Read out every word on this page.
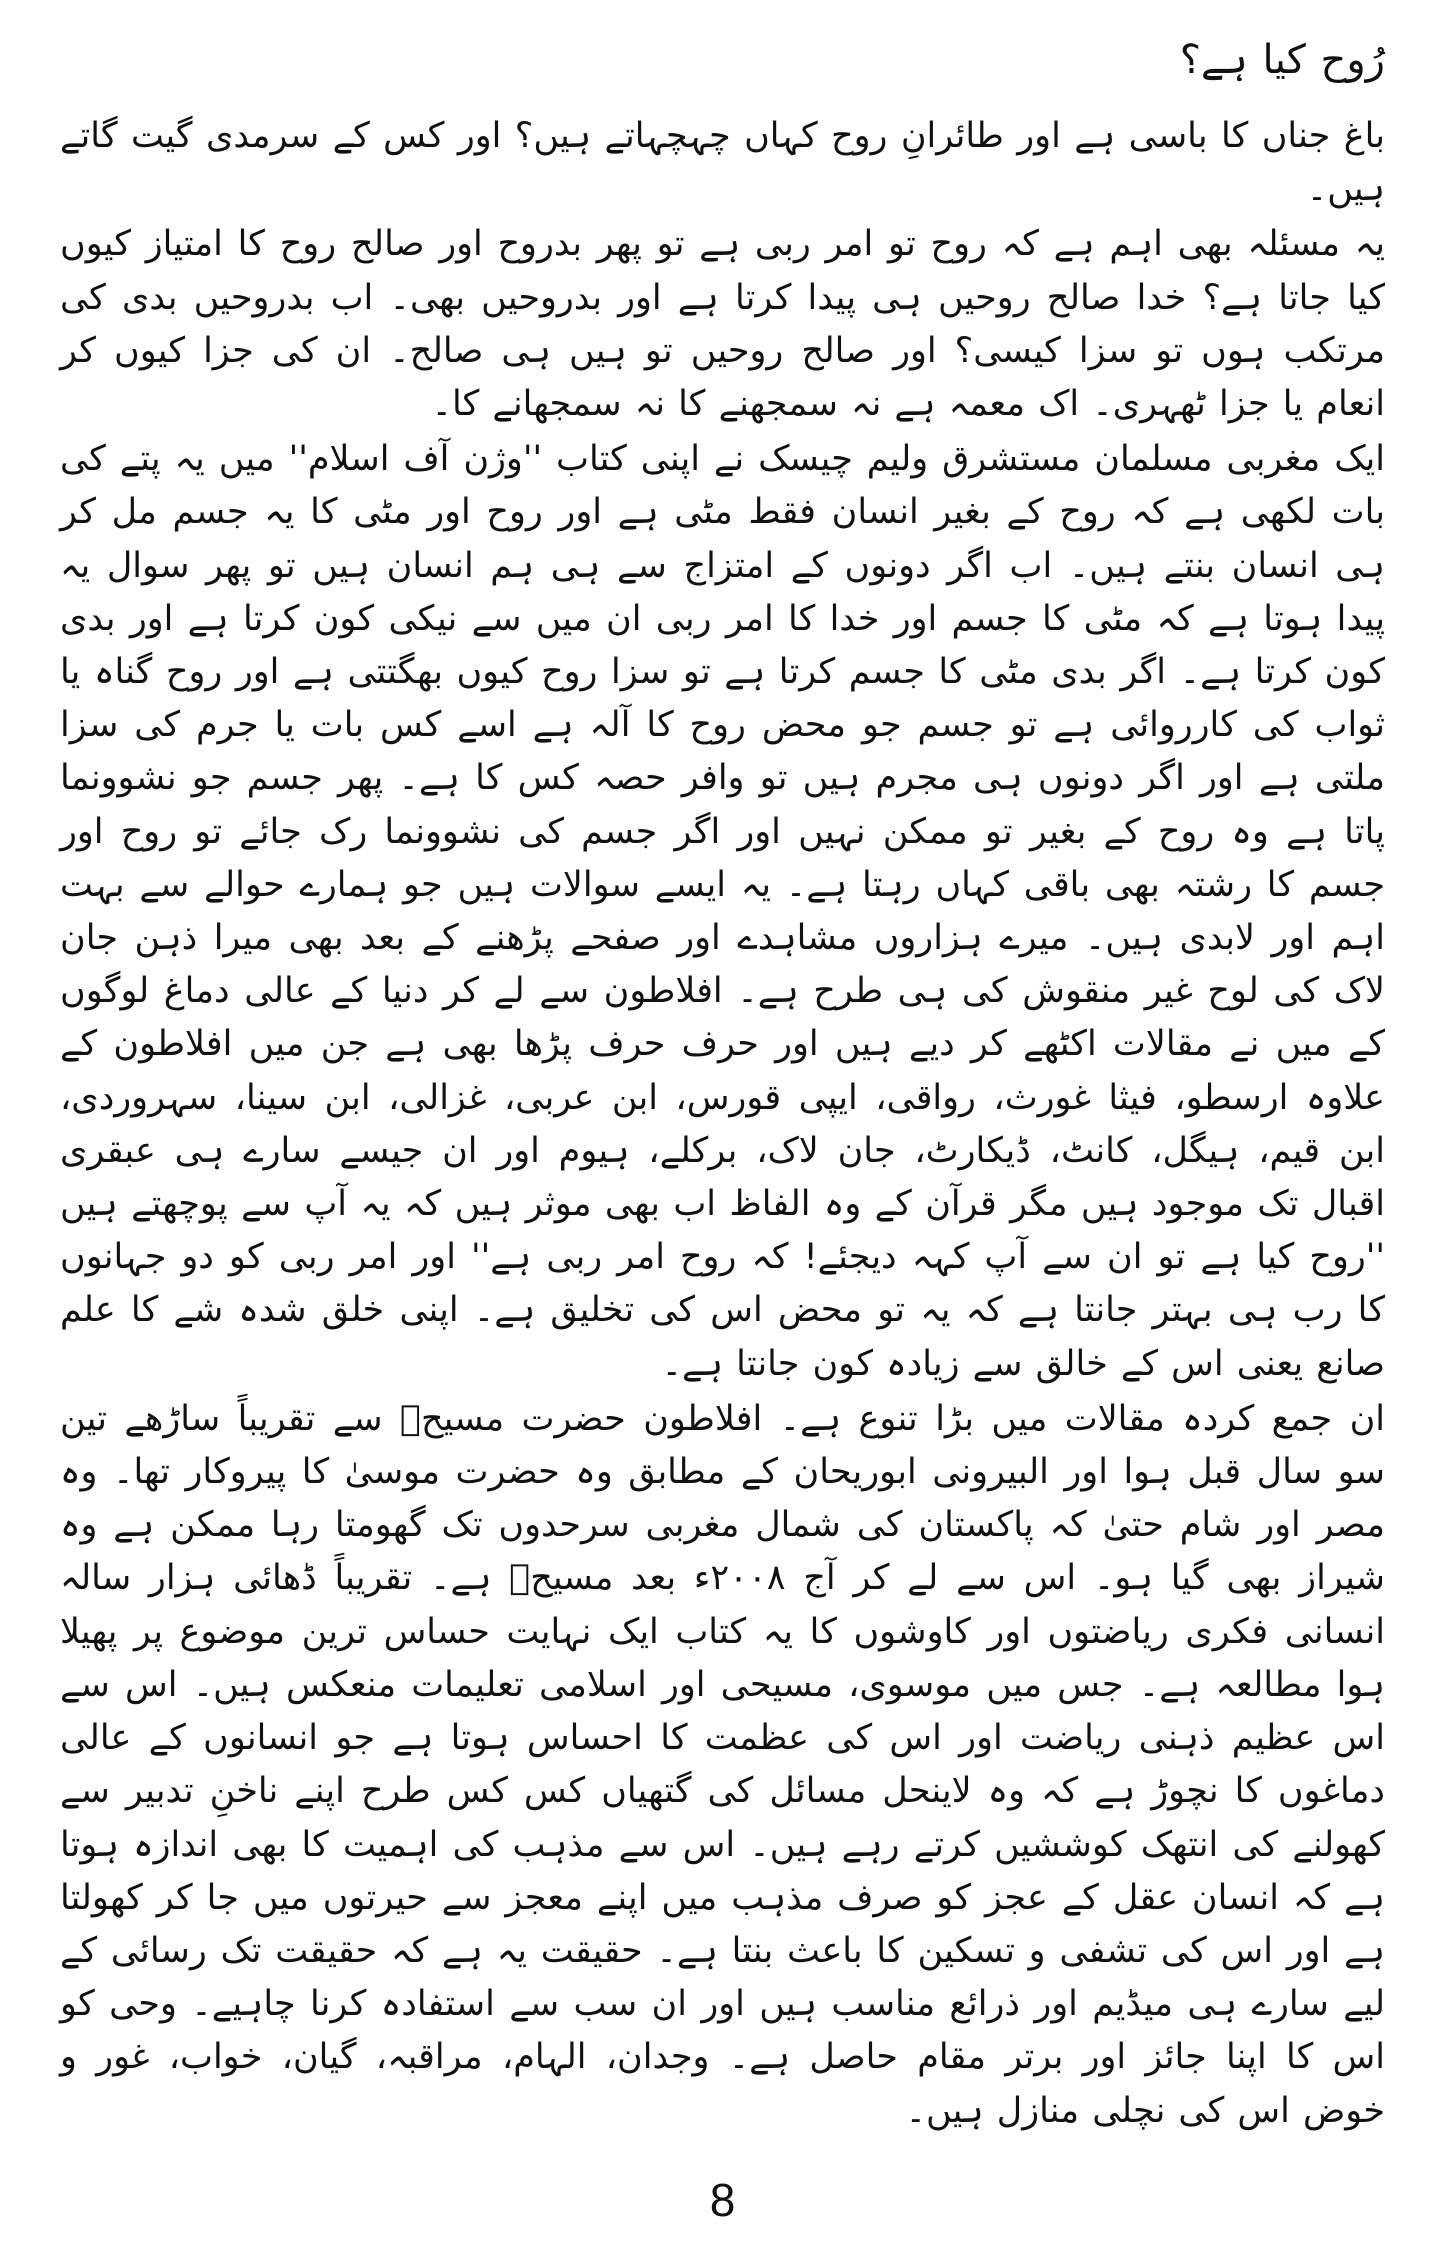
رُوح کیا ہے؟

باغ جناں کا باسی ہے اور طائرانِ روح کہاں چہچہاتے ہیں؟ اور کس کے سرمدی گیت گاتے ہیں۔

یہ مسئلہ بھی اہم ہے کہ روح تو امر ربی ہے تو پھر بدروح اور صالح روح کا امتیاز کیوں کیا جاتا ہے؟ خدا صالح روحیں ہی پیدا کرتا ہے اور بدروحیں بھی۔ اب بدروحیں بدی کی مرتکب ہوں تو سزا کیسی؟ اور صالح روحیں تو ہیں ہی صالح۔ ان کی جزا کیوں کر انعام یا جزا ٹھہری۔ اک معمہ ہے نہ سمجھنے کا نہ سمجھانے کا۔

ایک مغربی مسلمان مستشرق ولیم چیسک نے اپنی کتاب ''وژن آف اسلام'' میں یہ پتے کی بات لکھی ہے کہ روح کے بغیر انسان فقط مٹی ہے اور روح اور مٹی کا یہ جسم مل کر ہی انسان بنتے ہیں۔ اب اگر دونوں کے امتزاج سے ہی ہم انسان ہیں تو پھر سوال یہ پیدا ہوتا ہے کہ مٹی کا جسم اور خدا کا امر ربی ان میں سے نیکی کون کرتا ہے اور بدی کون کرتا ہے۔ اگر بدی مٹی کا جسم کرتا ہے تو سزا روح کیوں بھگتتی ہے اور روح گناہ یا ثواب کی کارروائی ہے تو جسم جو محض روح کا آلہ ہے اسے کس بات یا جرم کی سزا ملتی ہے اور اگر دونوں ہی مجرم ہیں تو وافر حصہ کس کا ہے۔ پھر جسم جو نشوونما پاتا ہے وہ روح کے بغیر تو ممکن نہیں اور اگر جسم کی نشوونما رک جائے تو روح اور جسم کا رشتہ بھی باقی کہاں رہتا ہے۔ یہ ایسے سوالات ہیں جو ہمارے حوالے سے بہت اہم اور لابدی ہیں۔ میرے ہزاروں مشاہدے اور صفحے پڑھنے کے بعد بھی میرا ذہن جان لاک کی لوح غیر منقوش کی ہی طرح ہے۔ افلاطون سے لے کر دنیا کے عالی دماغ لوگوں کے میں نے مقالات اکٹھے کر دیے ہیں اور حرف حرف پڑھا بھی ہے جن میں افلاطون کے علاوہ ارسطو، فیثا غورث، رواقی، ایپی قورس، ابن عربی، غزالی، ابن سینا، سہروردی، ابن قیم، ہیگل، کانٹ، ڈیکارٹ، جان لاک، برکلے، ہیوم اور ان جیسے سارے ہی عبقری اقبال تک موجود ہیں مگر قرآن کے وہ الفاظ اب بھی موثر ہیں کہ یہ آپ سے پوچھتے ہیں ''روح کیا ہے تو ان سے آپ کہہ دیجئے! کہ روح امر ربی ہے'' اور امر ربی کو دو جہانوں کا رب ہی بہتر جانتا ہے کہ یہ تو محض اس کی تخلیق ہے۔ اپنی خلق شدہ شے کا علم صانع یعنی اس کے خالق سے زیادہ کون جانتا ہے۔

ان جمع کردہ مقالات میں بڑا تنوع ہے۔ افلاطون حضرت مسیحؑ سے تقریباً ساڑھے تین سو سال قبل ہوا اور البیرونی ابوریحان کے مطابق وہ حضرت موسیٰ کا پیروکار تھا۔ وہ مصر اور شام حتیٰ کہ پاکستان کی شمال مغربی سرحدوں تک گھومتا رہا ممکن ہے وہ شیراز بھی گیا ہو۔ اس سے لے کر آج ۲۰۰۸ء بعد مسیحؑ ہے۔ تقریباً ڈھائی ہزار سالہ انسانی فکری ریاضتوں اور کاوشوں کا یہ کتاب ایک نہایت حساس ترین موضوع پر پھیلا ہوا مطالعہ ہے۔ جس میں موسوی، مسیحی اور اسلامی تعلیمات منعکس ہیں۔ اس سے اس عظیم ذہنی ریاضت اور اس کی عظمت کا احساس ہوتا ہے جو انسانوں کے عالی دماغوں کا نچوڑ ہے کہ وہ لاینحل مسائل کی گتھیاں کس کس طرح اپنے ناخنِ تدبیر سے کھولنے کی انتھک کوششیں کرتے رہے ہیں۔ اس سے مذہب کی اہمیت کا بھی اندازہ ہوتا ہے کہ انسان عقل کے عجز کو صرف مذہب میں اپنے معجز سے حیرتوں میں جا کر کھولتا ہے اور اس کی تشفی و تسکین کا باعث بنتا ہے۔ حقیقت یہ ہے کہ حقیقت تک رسائی کے لیے سارے ہی میڈیم اور ذرائع مناسب ہیں اور ان سب سے استفادہ کرنا چاہیے۔ وحی کو اس کا اپنا جائز اور برتر مقام حاصل ہے۔ وجدان، الہام، مراقبہ، گیان، خواب، غور و خوض اس کی نچلی منازل ہیں۔

8
